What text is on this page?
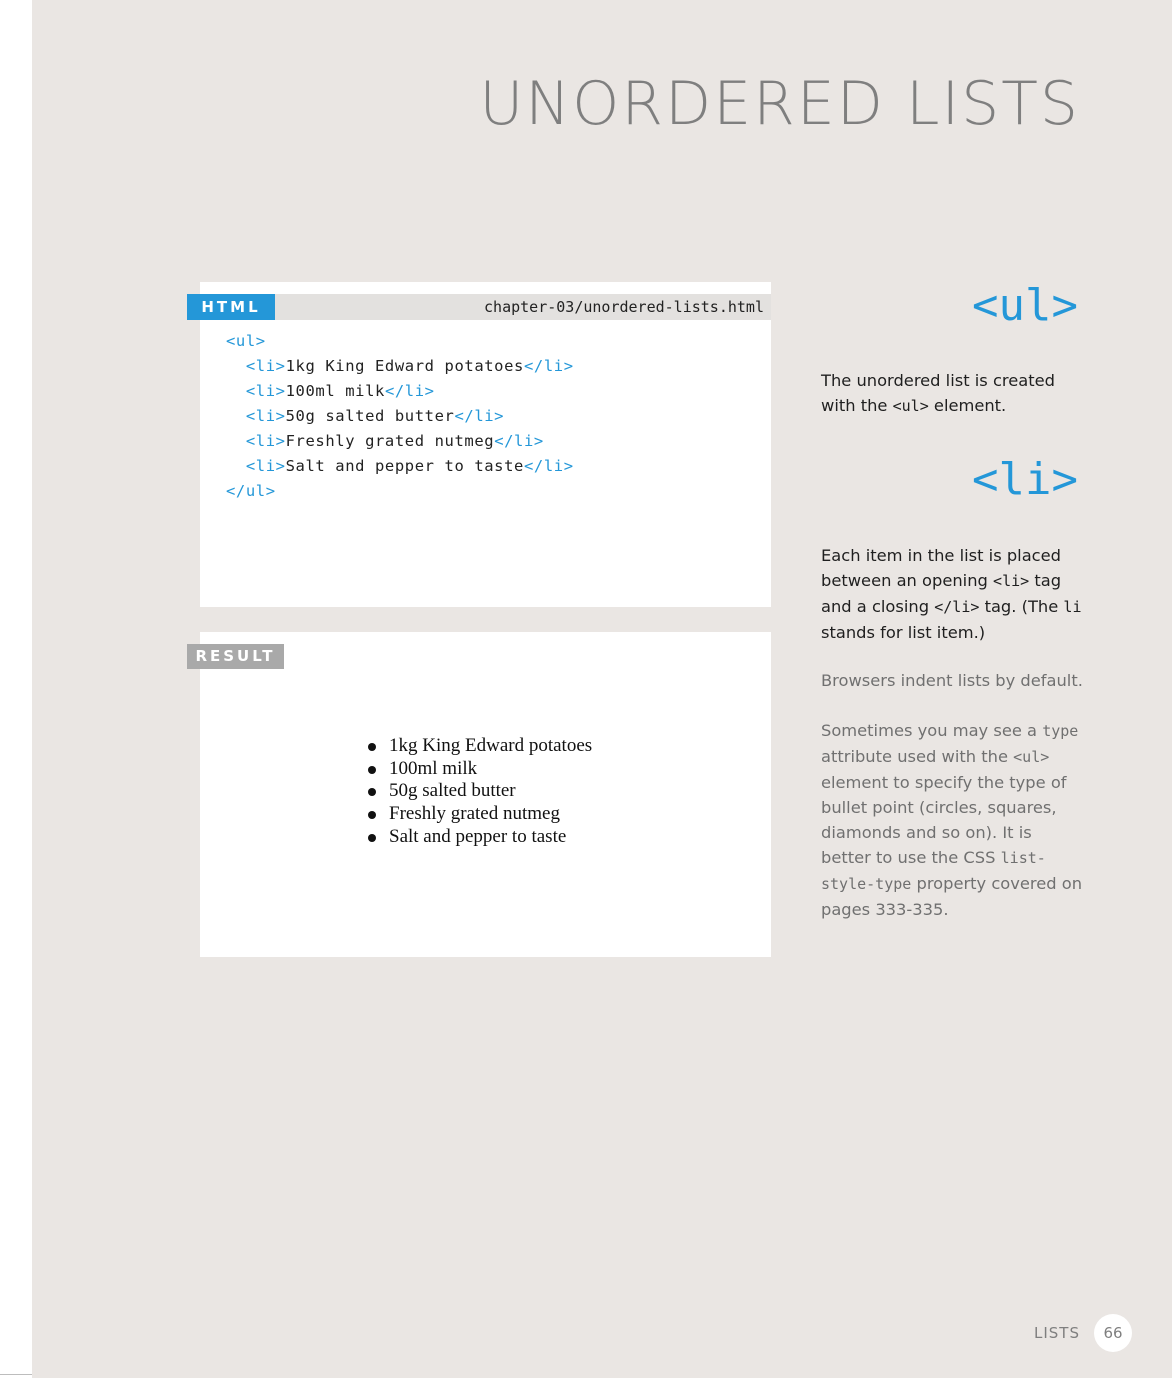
UNORDERED LISTS
HTML	chapter-03/unordered-lists.html
<ul>
<li>1kg King Edward potatoes</li>
<li>100ml milk</li>
<li>50g salted butter</li>
<li>Freshly grated nutmeg</li>
<li>Salt and pepper to taste</li>
</ul>
RESULT
1kg King Edward potatoes
100ml milk
50g salted butter
Freshly grated nutmeg
Salt and pepper to taste
<ul>

The unordered list is created with the <ul> element.

<li>

Each item in the list is placed between an opening <li> tag and a closing </li> tag. (The li stands for list item.)

Browsers indent lists by default.

Sometimes you may see a type attribute used with the <ul> element to specify the type of bullet point (circles, squares, diamonds and so on). It is better to use the CSS list-style-type property covered on pages 333-335.

LISTS	66
